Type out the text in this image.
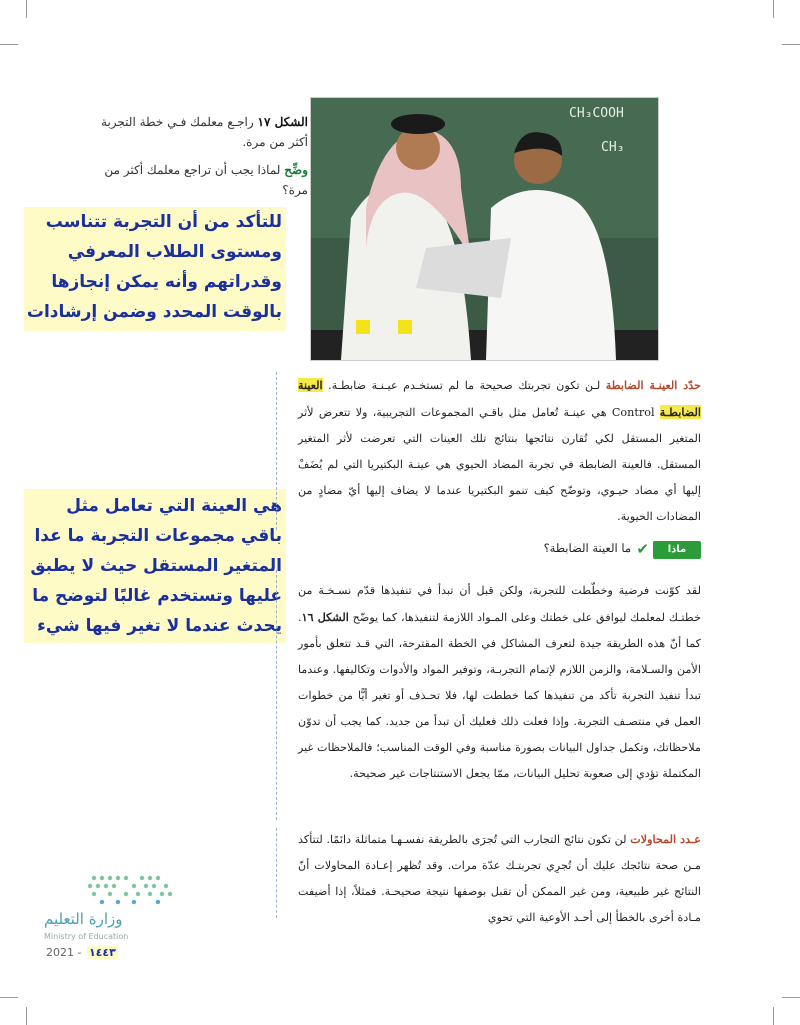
الشكل ١٧ راجـع معلمك فـي خطة التجربة أكثر من مرة.
وضِّح لماذا يجب أن تراجع معلمك أكثر من مرة؟
CH₃COOH
CH₃
للتأكد من أن التجربة تتناسب ومستوى الطلاب المعرفي وقدراتهم وأنه يمكن إنجازها بالوقت المحدد وضمن إرشادات
هي العينة التي تعامل مثل باقي مجموعات التجربة ما عدا المتغير المستقل حيث لا يطبق عليها وتستخدم غالبًا لتوضح ما يحدث عندما لا تغير فيها شيء
حدّد العينـة الضابطة لـن تكون تجربتك صحيحة ما لم تستخـدم عيـنـة ضابطـة. العينة الضابطـة Control هي عينـة تُعامل مثل باقـي المجموعات التجريبية، ولا تتعرض لأثر المتغير المستقل لكي تُقارن نتائجها بنتائج تلك العينات التي تعرضت لأثر المتغير المستقل. فالعينة الضابطة في تجربة المضاد الحيوي هي عينـة البكتيريا التي لم يُضَفْ إليها أي مضاد حيـوي، وتوضّح كيف تنمو البكتيريا عندما لا يضاف إليها أيّ مضادٍ من المضادات الحيوية.
ماذا قرأت؟
✔
ما العينة الضابطة؟
لقد كوّنت فرضية وخطّطت للتجربة، ولكن قبل أن تبدأ في تنفيذها قدّم نسـخـة من خطتـك لمعلمك ليوافق على خطتك وعلى المـواد اللازمة لتنفيذها، كما يوضّح الشكل ١٦. كما أنّ هذه الطريقة جيدة لتعرف المشاكل في الخطة المقترحة، التي قـد تتعلق بأمور الأمن والسـلامة، والزمن اللازم لإتمام التجربـة، وتوفير المواد والأدوات وتكاليفها. وعندما تبدأ تنفيذ التجربة تأكد من تنفيذها كما خططت لها، فلا تحـذف أو تغير أيًّا من خطوات العمل في منتصـف التجربة. وإذا فعلت ذلك فعليك أن تبدأ من جديد. كما يجب أن تدوّن ملاحظاتك، وتكمل جداول البيانات بصورة مناسبة وفي الوقت المناسب؛ فالملاحظات غير المكتملة تؤدي إلى صعوبة تحليل البيانات، ممّا يجعل الاستنتاجات غير صحيحة.
عـدد المحاولات لن تكون نتائج التجارب التي تُجرَى بالطريقة نفسـهـا متماثلة دائمًا. لتتأكد مـن صحة نتائجك عليك أن تُجرِي تجربتـك عدّة مرات. وقد تُظهر إعـادة المحاولات أنّ النتائج غير طبيعية، ومن غير الممكن أن تقبل بوصفها نتيجة صحيحـة. فمثلاً، إذا أضيفت مـادة أخرى بالخطأ إلى أحـد الأوعية التي تحوي
وزارة التعليم
Ministry of Education
2021 - ١٤٤٣
